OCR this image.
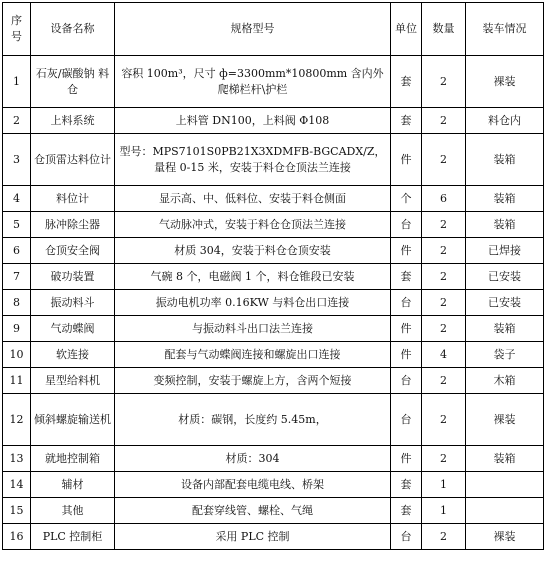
序号	设备名称	规格型号	单位	数量	装车情况
1	石灰/碳酸钠 料仓	容积 100m³，尺寸 ф=3300mm*10800mm 含内外爬梯栏杆\护栏	套	2	裸装
2	上料系统	上料管 DN100，上料阀 Φ108	套	2	料仓内
3	仓顶雷达料位计	型号：MPS7101S0PB21X3XDMFB-BGCADX/Z，量程 0-15 米，安装于料仓仓顶法兰连接	件	2	装箱
4	料位计	显示高、中、低料位、安装于料仓侧面	个	6	装箱
5	脉冲除尘器	气动脉冲式，安装于料仓仓顶法兰连接	台	2	装箱
6	仓顶安全阀	材质 304，安装于料仓仓顶安装	件	2	已焊接
7	破功装置	气碗 8 个，电磁阀 1 个，料仓锥段已安装	套	2	已安装
8	振动料斗	振动电机功率 0.16KW 与料仓出口连接	台	2	已安装
9	气动蝶阀	与振动料斗出口法兰连接	件	2	装箱
10	软连接	配套与气动蝶阀连接和螺旋出口连接	件	4	袋子
11	星型给料机	变频控制，安装于螺旋上方，含两个短接	台	2	木箱
12	倾斜螺旋输送机	材质：碳钢，长度约 5.45m，	台	2	裸装
13	就地控制箱	材质：304	件	2	装箱
14	辅材	设备内部配套电缆电线、桥架	套	1	
15	其他	配套穿线管、螺栓、气绳	套	1	
16	PLC 控制柜	采用 PLC 控制	台	2	裸装
